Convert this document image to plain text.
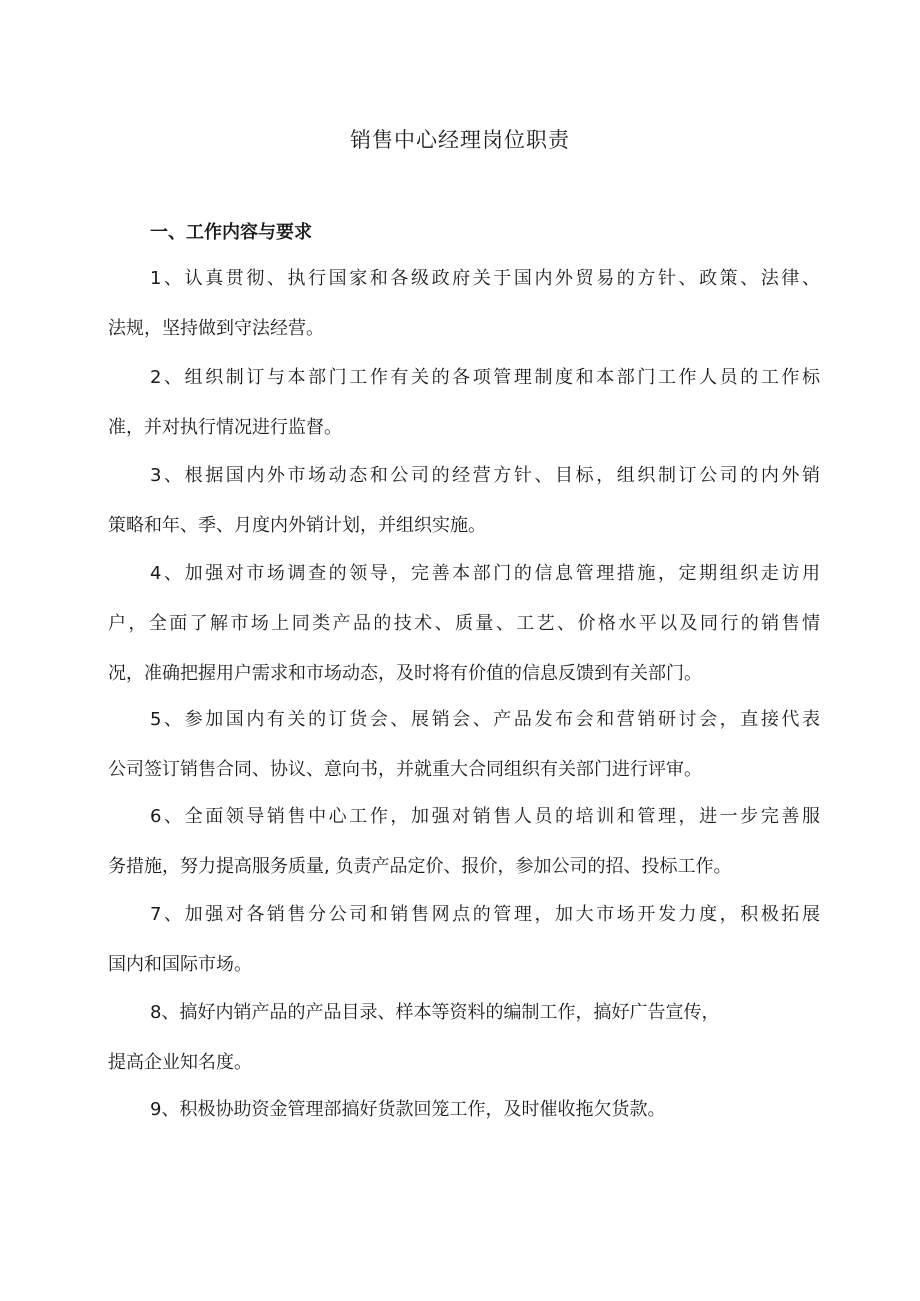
销售中心经理岗位职责
一、工作内容与要求
1、认真贯彻、执行国家和各级政府关于国内外贸易的方针、政策、法律、
法规，坚持做到守法经营。
2、组织制订与本部门工作有关的各项管理制度和本部门工作人员的工作标
准，并对执行情况进行监督。
3、根据国内外市场动态和公司的经营方针、目标，组织制订公司的内外销
策略和年、季、月度内外销计划，并组织实施。
4、加强对市场调查的领导，完善本部门的信息管理措施，定期组织走访用
户，全面了解市场上同类产品的技术、质量、工艺、价格水平以及同行的销售情
况，准确把握用户需求和市场动态，及时将有价值的信息反馈到有关部门。
5、参加国内有关的订货会、展销会、产品发布会和营销研讨会，直接代表
公司签订销售合同、协议、意向书，并就重大合同组织有关部门进行评审。
6、全面领导销售中心工作，加强对销售人员的培训和管理，进一步完善服
务措施，努力提高服务质量, 负责产品定价、报价，参加公司的招、投标工作。
7、加强对各销售分公司和销售网点的管理，加大市场开发力度，积极拓展
国内和国际市场。
8、搞好内销产品的产品目录、样本等资料的编制工作，搞好广告宣传，
提高企业知名度。
9、积极协助资金管理部搞好货款回笼工作，及时催收拖欠货款。
